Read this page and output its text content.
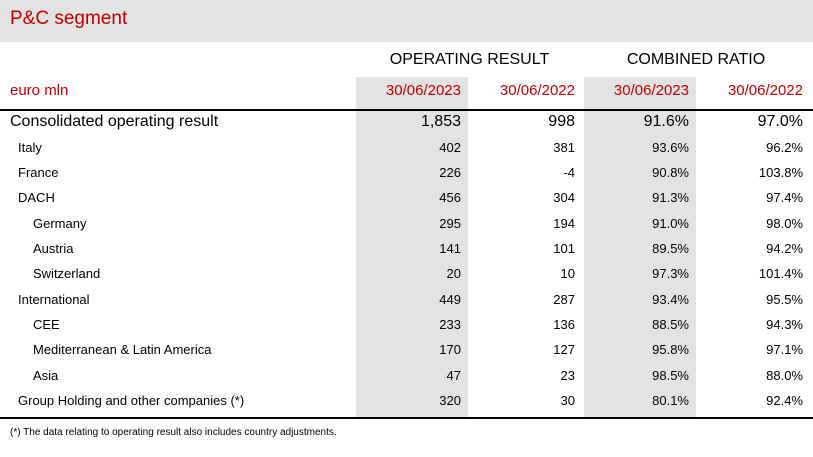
P&C segment
OPERATING RESULT	COMBINED RATIO
euro mln	30/06/2023	30/06/2022	30/06/2023	30/06/2022
Consolidated operating result	1,853	998	91.6%	97.0%
Italy	402	381	93.6%	96.2%
France	226	-4	90.8%	103.8%
DACH	456	304	91.3%	97.4%
Germany	295	194	91.0%	98.0%
Austria	141	101	89.5%	94.2%
Switzerland	20	10	97.3%	101.4%
International	449	287	93.4%	95.5%
CEE	233	136	88.5%	94.3%
Mediterranean & Latin America	170	127	95.8%	97.1%
Asia	47	23	98.5%	88.0%
Group Holding and other companies (*)	320	30	80.1%	92.4%
(*) The data relating to operating result also includes country adjustments.
